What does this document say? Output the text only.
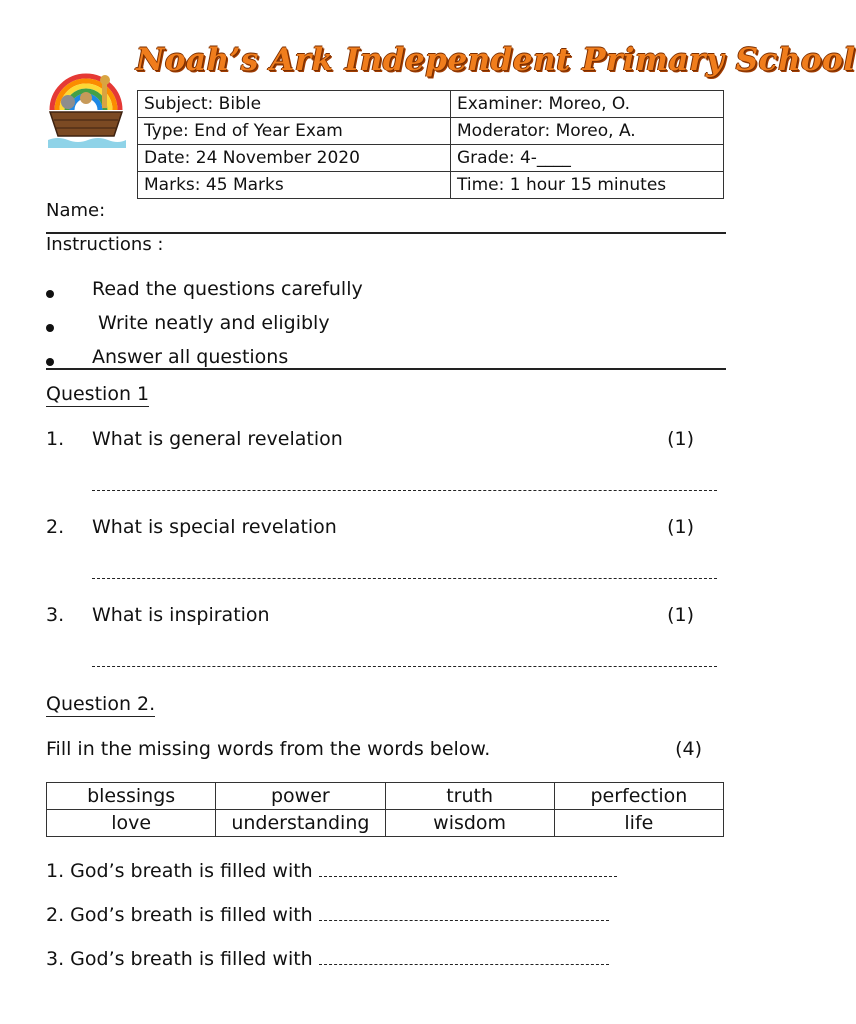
Noah’s Ark Independent Primary School
Subject: Bible	Examiner: Moreo, O.
Type: End of Year Exam	Moderator: Moreo, A.
Date: 24 November 2020	Grade: 4-____
Marks: 45 Marks	Time: 1 hour 15 minutes
Name:
Instructions :
Read the questions carefully
Write neatly and eligibly
Answer all questions
Question 1
1. What is general revelation	(1)
2. What is special revelation	(1)
3. What is inspiration	(1)
Question 2.
Fill in the missing words from the words below.	(4)
blessings	power	truth	perfection
love	understanding	wisdom	life
1. God’s breath is filled with
2. God’s breath is filled with
3. God’s breath is filled with
